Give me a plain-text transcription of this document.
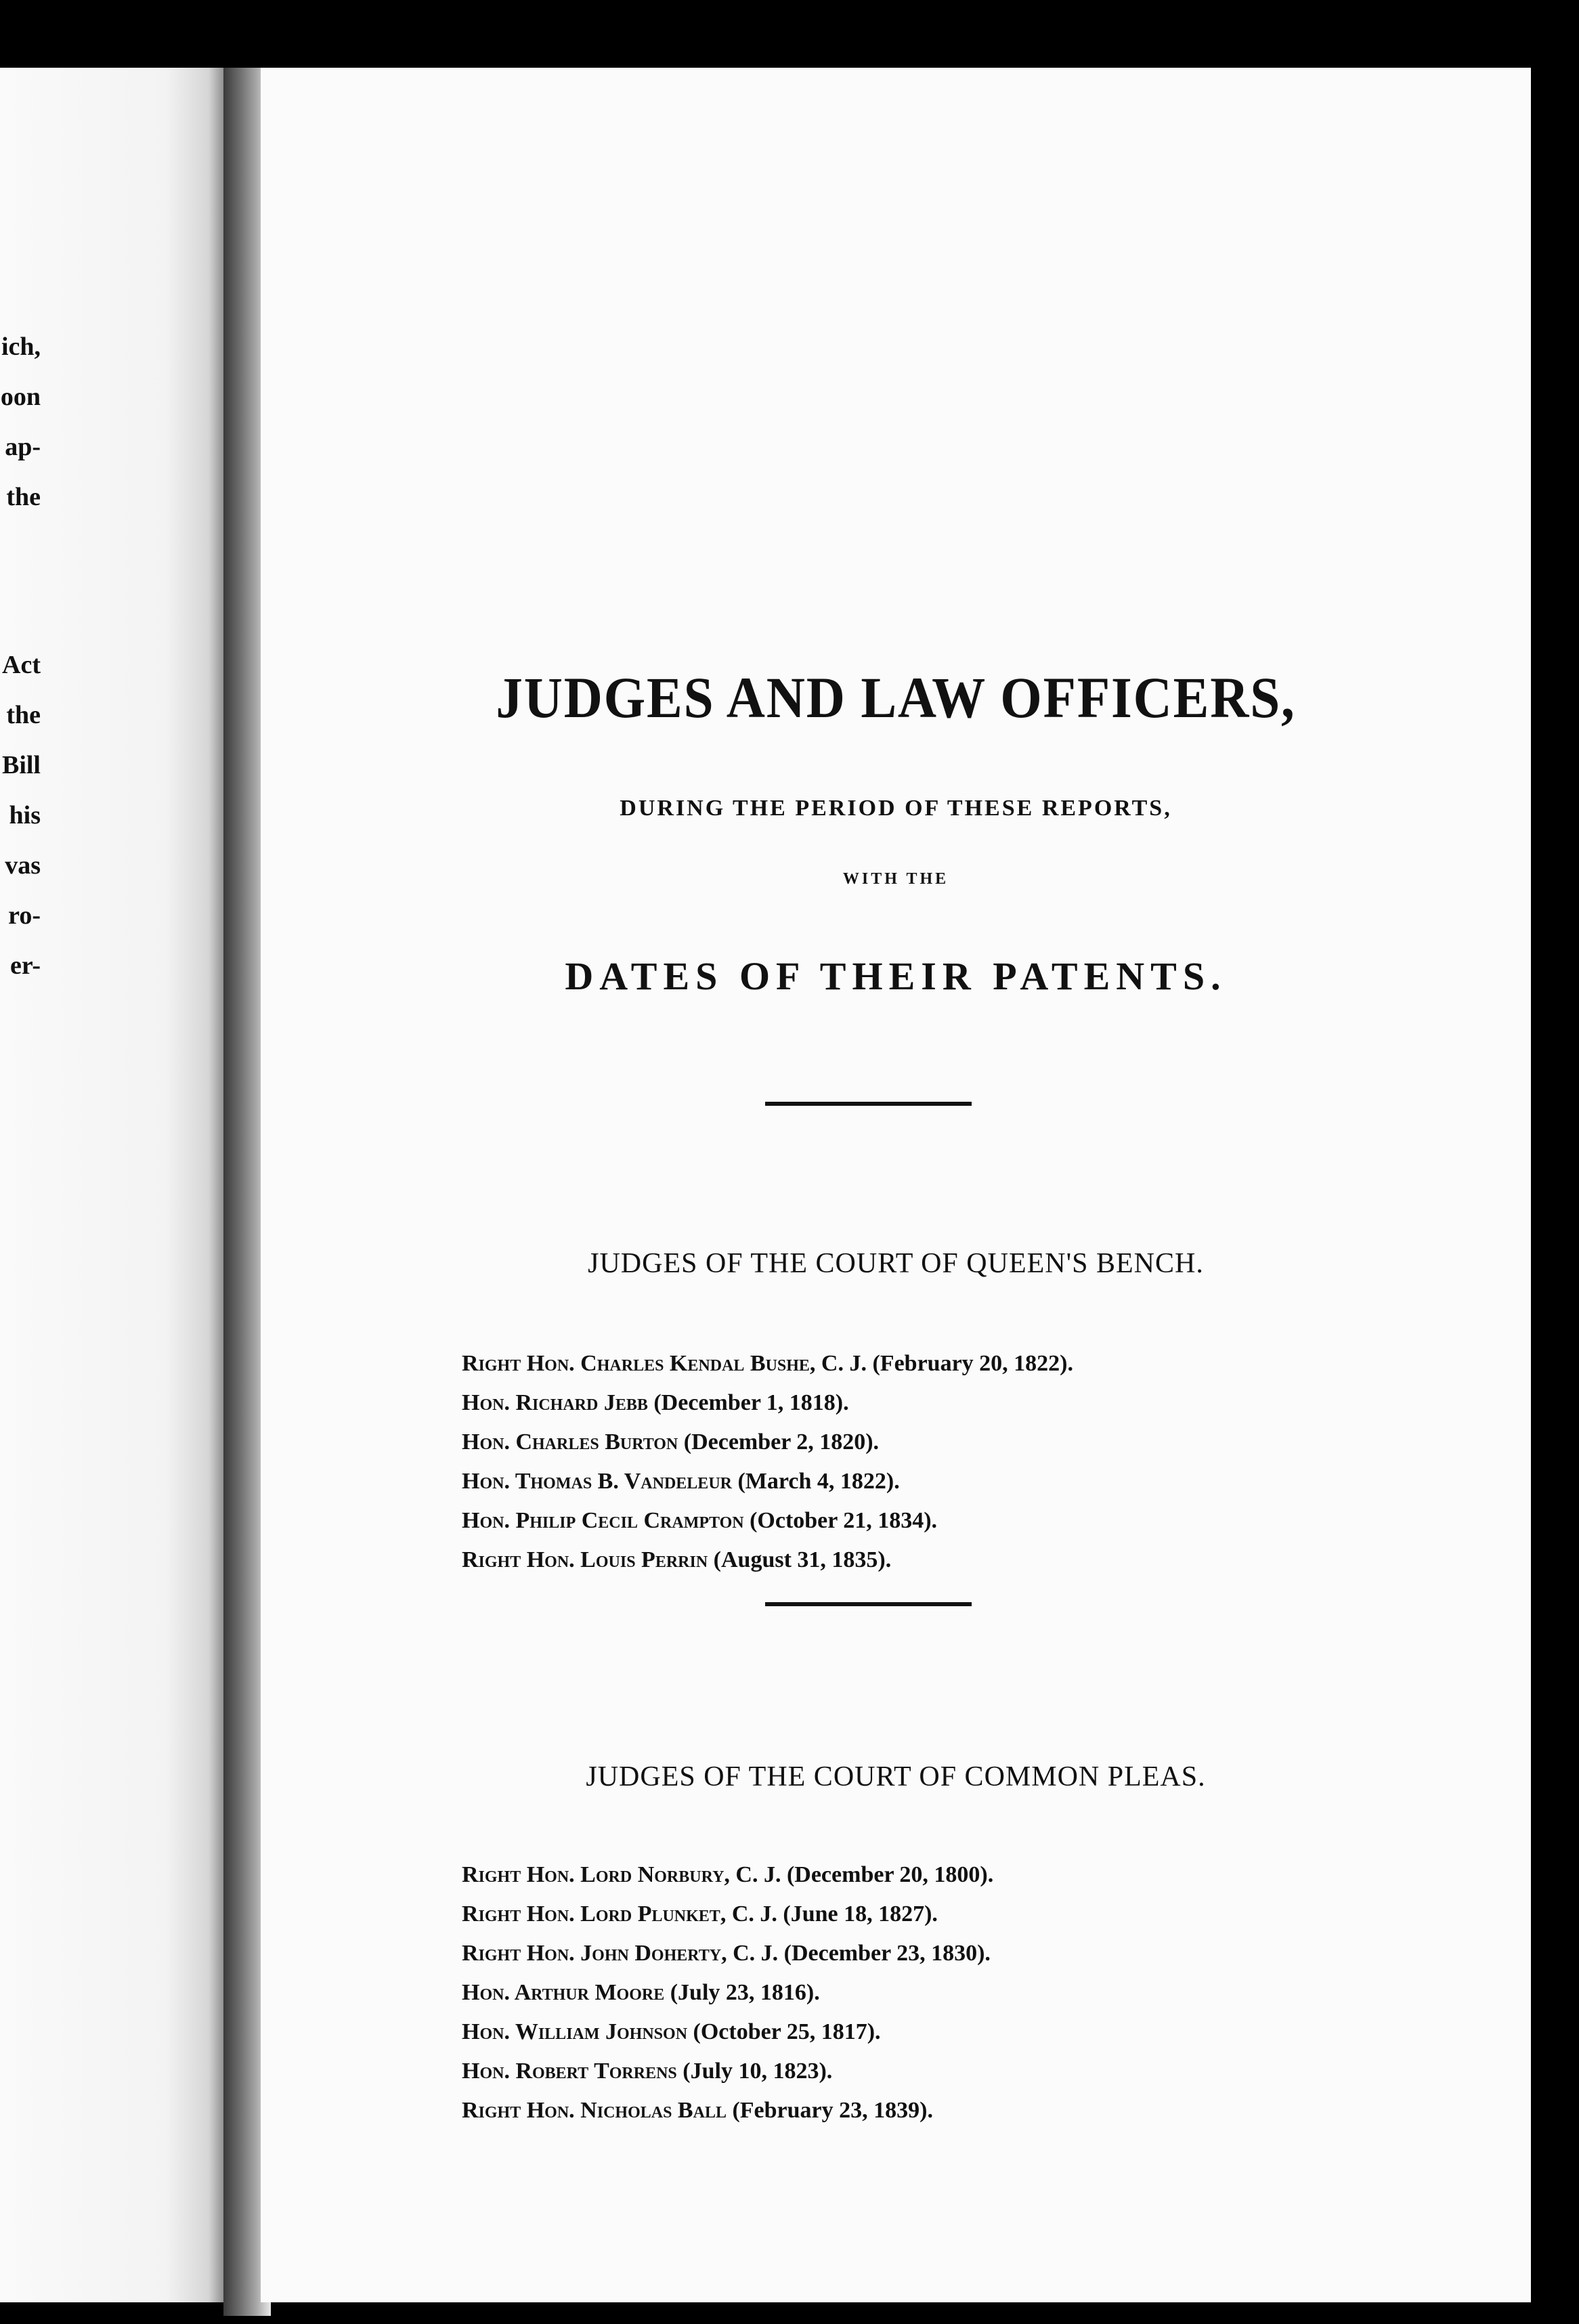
ich,
oon
ap-
the
Act
the
Bill
his
vas
ro-
er-
JUDGES AND LAW OFFICERS,
DURING THE PERIOD OF THESE REPORTS,
WITH THE
DATES OF THEIR PATENTS.
JUDGES OF THE COURT OF QUEEN'S BENCH.
Right Hon. Charles Kendal Bushe, C. J. (February 20, 1822).
Hon. Richard Jebb (December 1, 1818).
Hon. Charles Burton (December 2, 1820).
Hon. Thomas B. Vandeleur (March 4, 1822).
Hon. Philip Cecil Crampton (October 21, 1834).
Right Hon. Louis Perrin (August 31, 1835).
JUDGES OF THE COURT OF COMMON PLEAS.
Right Hon. Lord Norbury, C. J. (December 20, 1800).
Right Hon. Lord Plunket, C. J. (June 18, 1827).
Right Hon. John Doherty, C. J. (December 23, 1830).
Hon. Arthur Moore (July 23, 1816).
Hon. William Johnson (October 25, 1817).
Hon. Robert Torrens (July 10, 1823).
Right Hon. Nicholas Ball (February 23, 1839).
